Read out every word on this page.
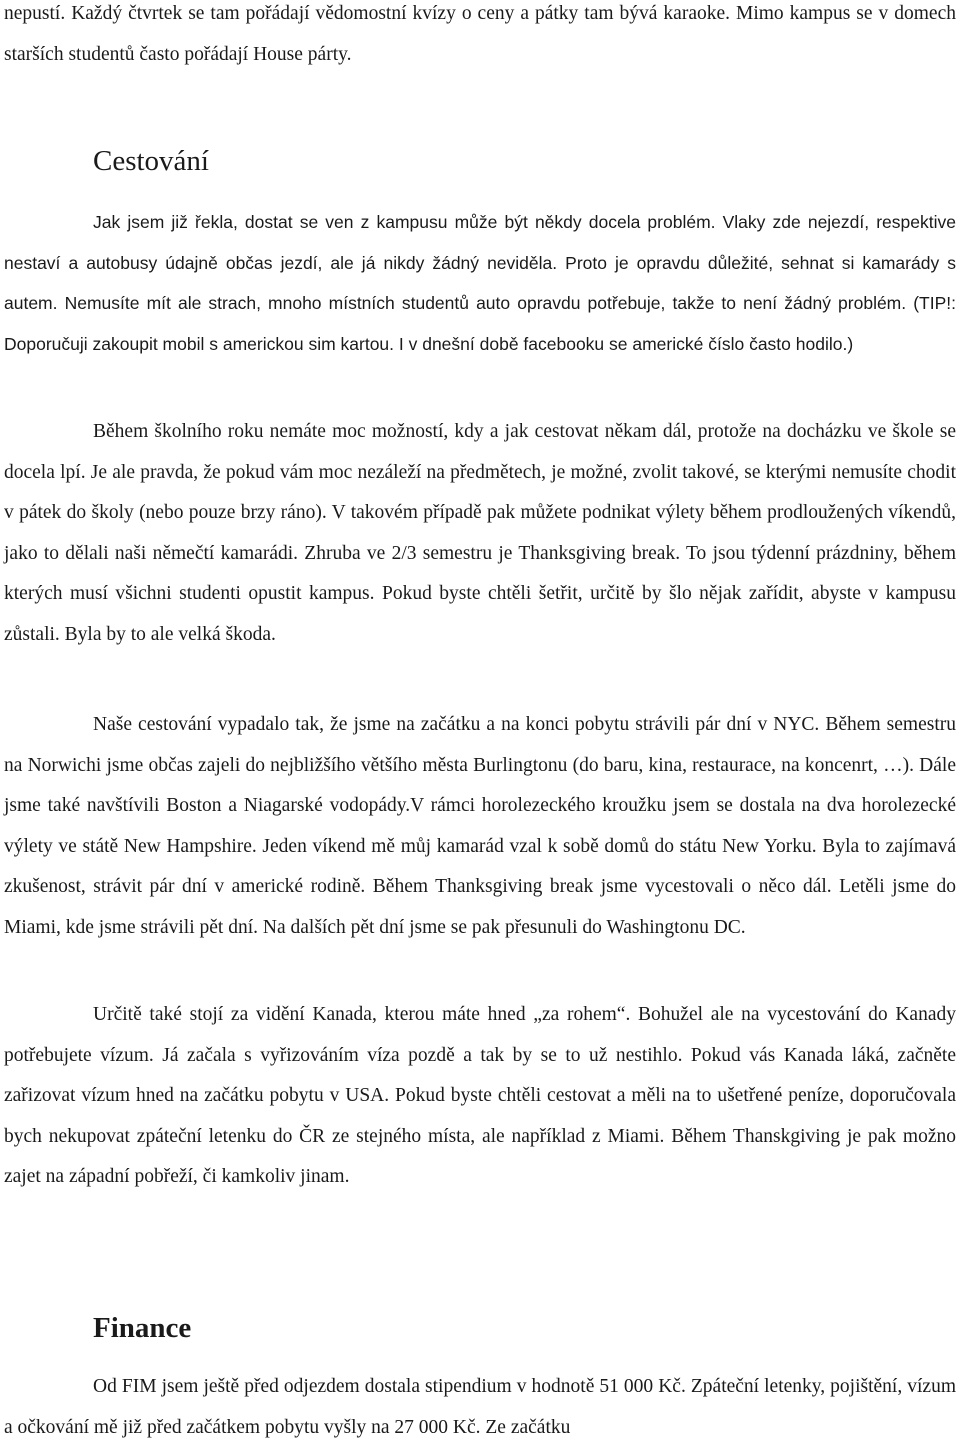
nepustí. Každý čtvrtek se tam pořádají vědomostní kvízy o ceny a pátky tam bývá karaoke. Mimo kampus se v domech starších studentů často pořádají House párty.

Cestování

Jak jsem již řekla, dostat se ven z kampusu může být někdy docela problém. Vlaky zde nejezdí, respektive nestaví a autobusy údajně občas jezdí, ale já nikdy žádný neviděla. Proto je opravdu důležité, sehnat si kamarády s autem. Nemusíte mít ale strach, mnoho místních studentů auto opravdu potřebuje, takže to není žádný problém. (TIP!: Doporučuji zakoupit mobil s americkou sim kartou. I v dnešní době facebooku se americké číslo často hodilo.)

Během školního roku nemáte moc možností, kdy a jak cestovat někam dál, protože na docházku ve škole se docela lpí. Je ale pravda, že pokud vám moc nezáleží na předmětech, je možné, zvolit takové, se kterými nemusíte chodit v pátek do školy (nebo pouze brzy ráno). V takovém případě pak můžete podnikat výlety během prodloužených víkendů, jako to dělali naši němečtí kamarádi. Zhruba ve 2/3 semestru je Thanksgiving break. To jsou týdenní prázdniny, během kterých musí všichni studenti opustit kampus. Pokud byste chtěli šetřit, určitě by šlo nějak zařídit, abyste v kampusu zůstali. Byla by to ale velká škoda.

Naše cestování vypadalo tak, že jsme na začátku a na konci pobytu strávili pár dní v NYC. Během semestru na Norwichi jsme občas zajeli do nejbližšího většího města Burlingtonu (do baru, kina, restaurace, na koncenrt, …). Dále jsme také navštívili Boston a Niagarské vodopády.V rámci horolezeckého kroužku jsem se dostala na dva horolezecké výlety ve státě New Hampshire. Jeden víkend mě můj kamarád vzal k sobě domů do státu New Yorku. Byla to zajímavá zkušenost, strávit pár dní v americké rodině. Během Thanksgiving break jsme vycestovali o něco dál. Letěli jsme do Miami, kde jsme strávili pět dní. Na dalších pět dní jsme se pak přesunuli do Washingtonu DC.

Určitě také stojí za vidění Kanada, kterou máte hned „za rohem“. Bohužel ale na vycestování do Kanady potřebujete vízum. Já začala s vyřizováním víza pozdě a tak by se to už nestihlo. Pokud vás Kanada láká, začněte zařizovat vízum hned na začátku pobytu v USA. Pokud byste chtěli cestovat a měli na to ušetřené peníze, doporučovala bych nekupovat zpáteční letenku do ČR ze stejného místa, ale například z Miami. Během Thanskgiving je pak možno zajet na západní pobřeží, či kamkoliv jinam.

Finance

Od FIM jsem ještě před odjezdem dostala stipendium v hodnotě 51 000 Kč. Zpáteční letenky, pojištění, vízum a očkování mě již před začátkem pobytu vyšly na 27 000 Kč. Ze začátku
